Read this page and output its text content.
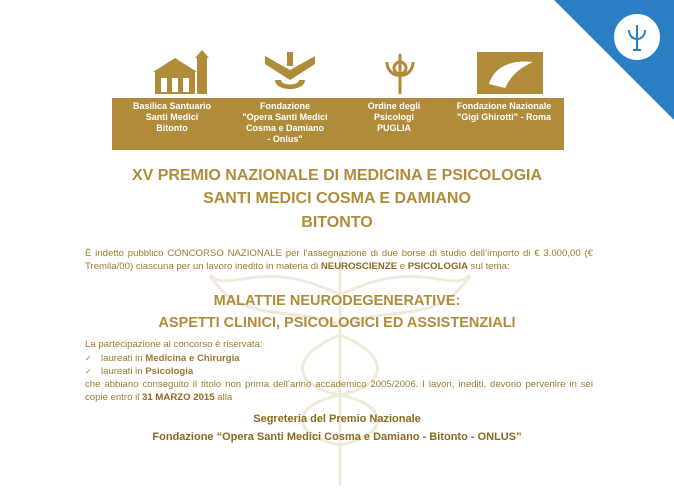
Basilica Santuario
Santi Medici
Bitonto
Fondazione
"Opera Santi Medici
Cosma e Damiano
- Onlus"
Ordine degli
Psicologi
PUGLIA
Fondazione Nazionale
"Gigi Ghirotti" - Roma
XV PREMIO NAZIONALE DI MEDICINA E PSICOLOGIA
SANTI MEDICI COSMA E DAMIANO
BITONTO
È indetto pubblico CONCORSO NAZIONALE per l’assegnazione di due borse di studio dell’importo di € 3.000,00 (€ Tremila/00) ciascuna per un lavoro inedito in materia di NEUROSCIENZE e PSICOLOGIA sul tema:
MALATTIE NEURODEGENERATIVE:
ASPETTI CLINICI, PSICOLOGICI ED ASSISTENZIALI
La partecipazione al concorso è riservata:
✓ laureati in Medicina e Chirurgia
✓ laureati in Psicologia
che abbiano conseguito il titolo non prima dell’anno accademico 2005/2006. I lavori, inediti, devono pervenire in sei copie entro il 31 MARZO 2015 alla
Segreteria del Premio Nazionale
Fondazione “Opera Santi Medici Cosma e Damiano - Bitonto - ONLUS”
